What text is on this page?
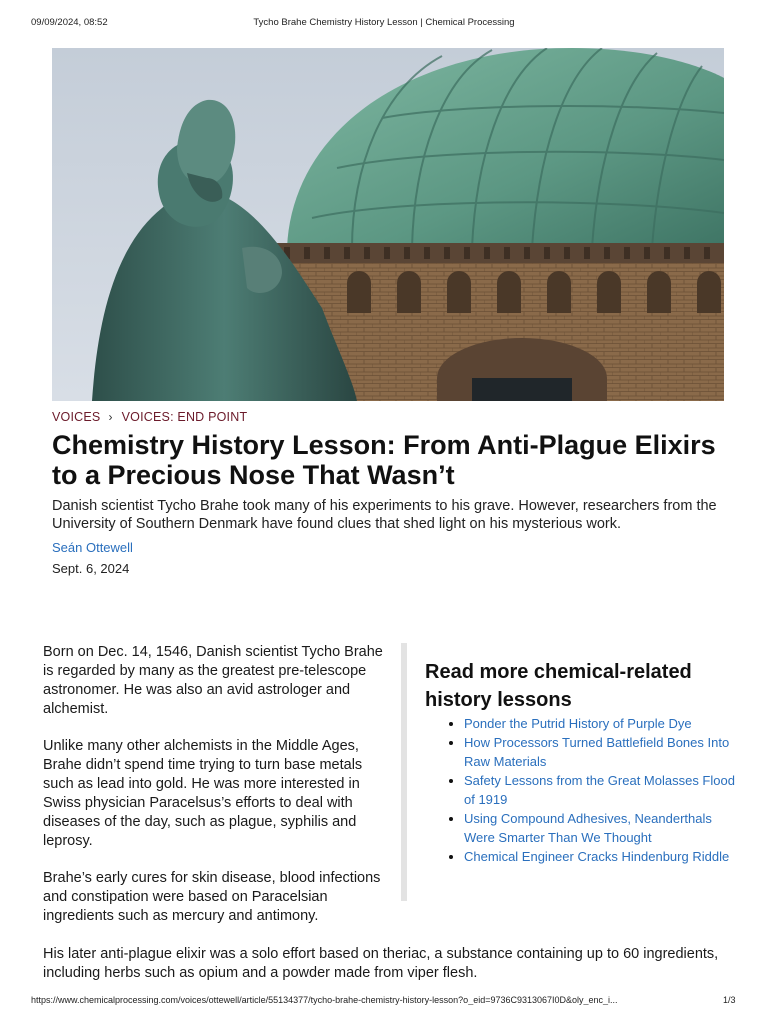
09/09/2024, 08:52	Tycho Brahe Chemistry History Lesson | Chemical Processing
VOICES › VOICES: END POINT
Chemistry History Lesson: From Anti-Plague Elixirs to a Precious Nose That Wasn’t

Danish scientist Tycho Brahe took many of his experiments to his grave. However, researchers from the University of Southern Denmark have found clues that shed light on his mysterious work.

Seán Ottewell
Sept. 6, 2024

Born on Dec. 14, 1546, Danish scientist Tycho Brahe is regarded by many as the greatest pre-telescope astronomer. He was also an avid astrologer and alchemist.

Unlike many other alchemists in the Middle Ages, Brahe didn’t spend time trying to turn base metals such as lead into gold. He was more interested in Swiss physician Paracelsus’s efforts to deal with diseases of the day, such as plague, syphilis and leprosy.

Brahe’s early cures for skin disease, blood infections and constipation were based on Paracelsian ingredients such as mercury and antimony.

Read more chemical-related history lessons
• Ponder the Putrid History of Purple Dye
• How Processors Turned Battlefield Bones Into Raw Materials
• Safety Lessons from the Great Molasses Flood of 1919
• Using Compound Adhesives, Neanderthals Were Smarter Than We Thought
• Chemical Engineer Cracks Hindenburg Riddle

His later anti-plague elixir was a solo effort based on theriac, a substance containing up to 60 ingredients, including herbs such as opium and a powder made from viper flesh.

https://www.chemicalprocessing.com/voices/ottewell/article/55134377/tycho-brahe-chemistry-history-lesson?o_eid=9736C9313067I0D&oly_enc_i...	1/3
